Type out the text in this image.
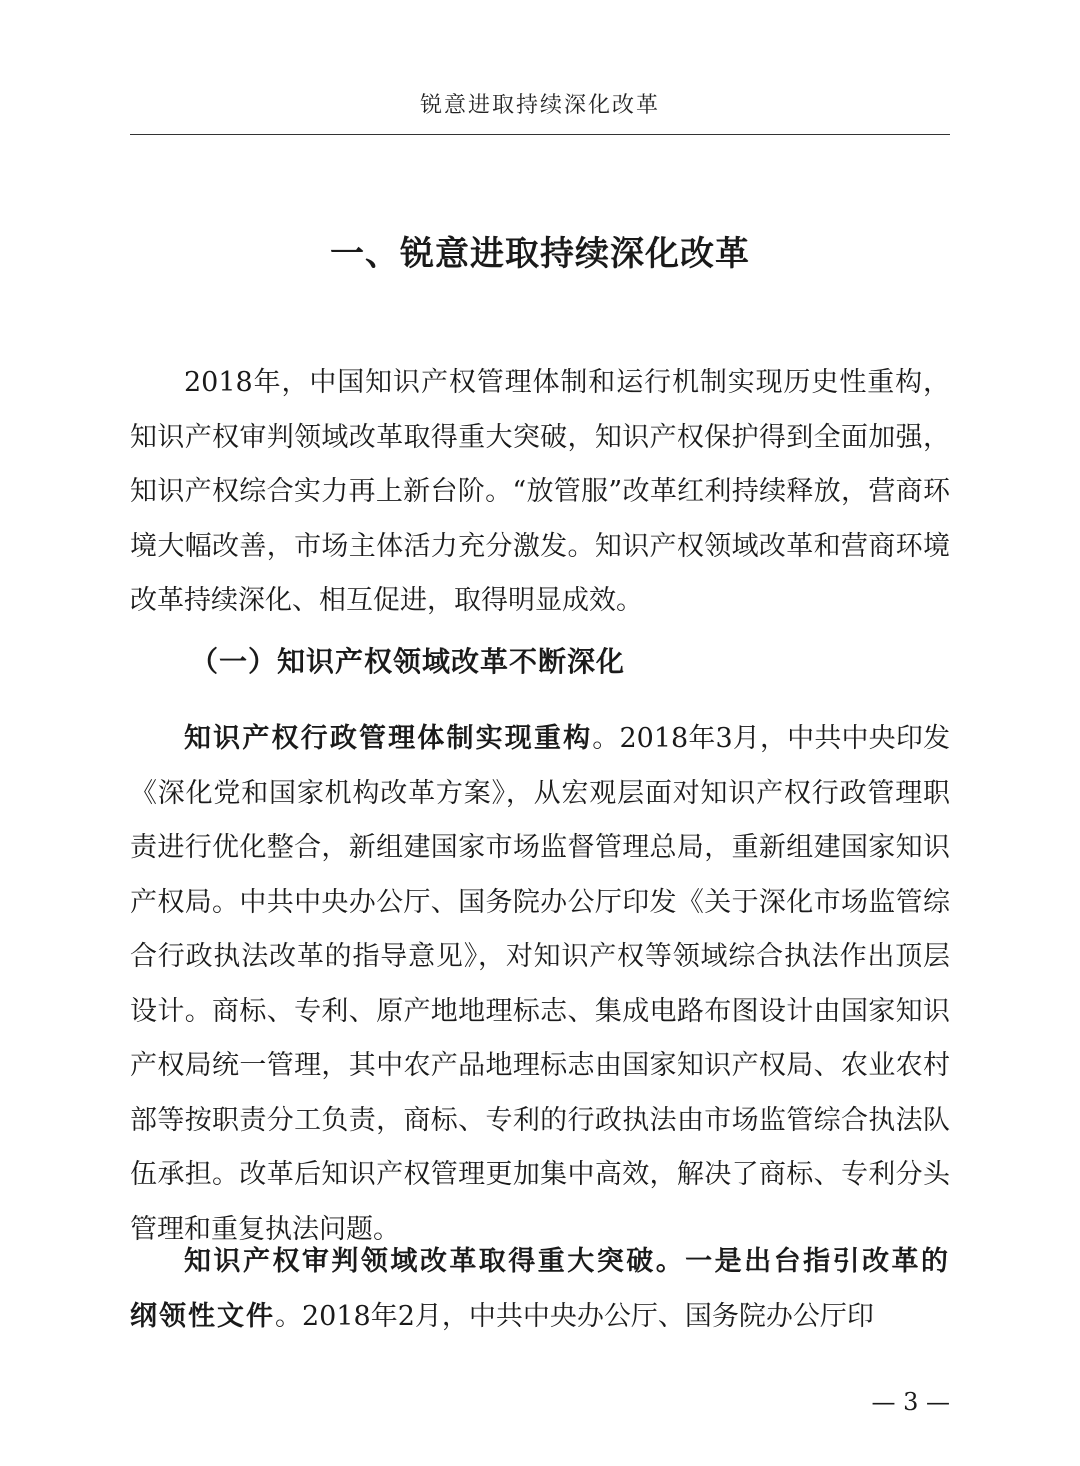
锐意进取持续深化改革
一、锐意进取持续深化改革

2018年，中国知识产权管理体制和运行机制实现历史性重构，知识产权审判领域改革取得重大突破，知识产权保护得到全面加强，知识产权综合实力再上新台阶。“放管服”改革红利持续释放，营商环境大幅改善，市场主体活力充分激发。知识产权领域改革和营商环境改革持续深化、相互促进，取得明显成效。

（一）知识产权领域改革不断深化

知识产权行政管理体制实现重构。2018年3月，中共中央印发《深化党和国家机构改革方案》，从宏观层面对知识产权行政管理职责进行优化整合，新组建国家市场监督管理总局，重新组建国家知识产权局。中共中央办公厅、国务院办公厅印发《关于深化市场监管综合行政执法改革的指导意见》，对知识产权等领域综合执法作出顶层设计。商标、专利、原产地地理标志、集成电路布图设计由国家知识产权局统一管理，其中农产品地理标志由国家知识产权局、农业农村部等按职责分工负责，商标、专利的行政执法由市场监管综合执法队伍承担。改革后知识产权管理更加集中高效，解决了商标、专利分头管理和重复执法问题。

知识产权审判领域改革取得重大突破。一是出台指引改革的纲领性文件。2018年2月，中共中央办公厅、国务院办公厅印

— 3 —
